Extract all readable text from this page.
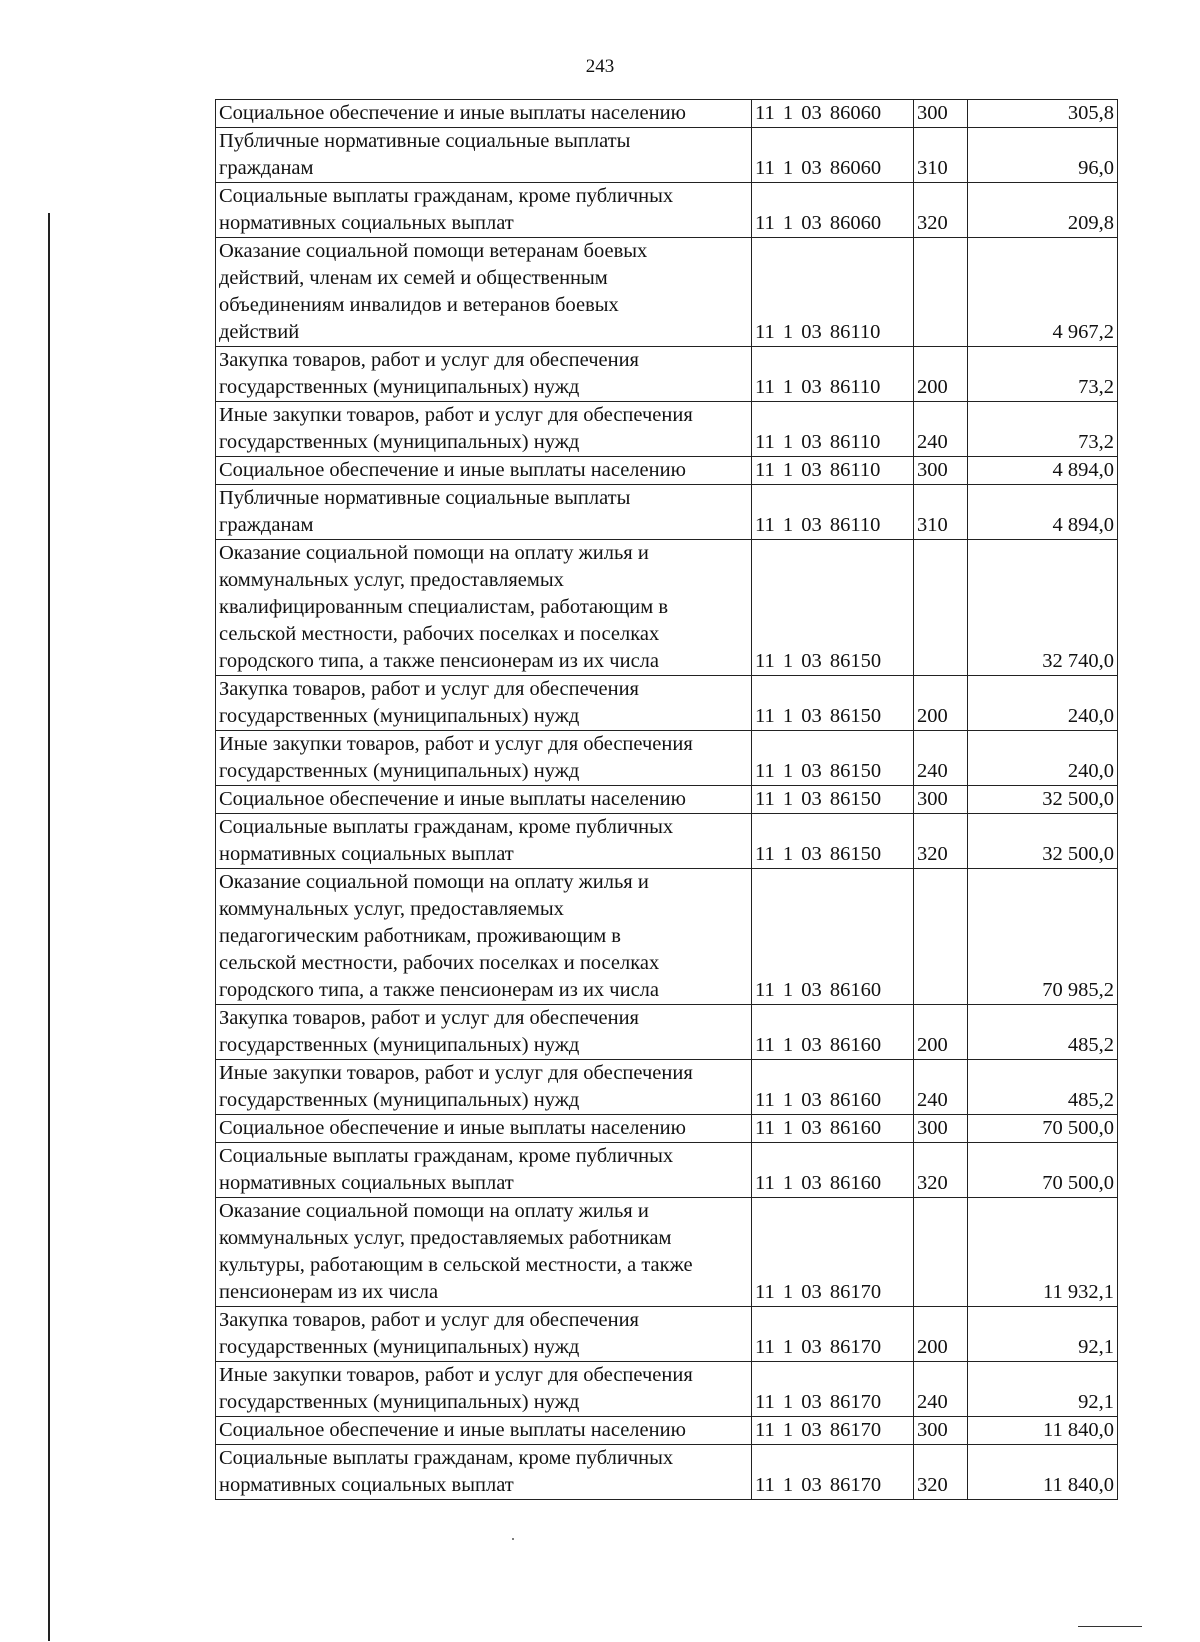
243
Социальное обеспечение и иные выплаты населению	11 1 03 86060	300	305,8
Публичные нормативные социальные выплаты
гражданам	11 1 03 86060	310	96,0
Социальные выплаты гражданам, кроме публичных
нормативных социальных выплат	11 1 03 86060	320	209,8
Оказание социальной помощи ветеранам боевых
действий, членам их семей и общественным
объединениям инвалидов и ветеранов боевых
действий	11 1 03 86110		4 967,2
Закупка товаров, работ и услуг для обеспечения
государственных (муниципальных) нужд	11 1 03 86110	200	73,2
Иные закупки товаров, работ и услуг для обеспечения
государственных (муниципальных) нужд	11 1 03 86110	240	73,2
Социальное обеспечение и иные выплаты населению	11 1 03 86110	300	4 894,0
Публичные нормативные социальные выплаты
гражданам	11 1 03 86110	310	4 894,0
Оказание социальной помощи на оплату жилья и
коммунальных услуг, предоставляемых
квалифицированным специалистам, работающим в
сельской местности, рабочих поселках и поселках
городского типа, а также пенсионерам из их числа	11 1 03 86150		32 740,0
Закупка товаров, работ и услуг для обеспечения
государственных (муниципальных) нужд	11 1 03 86150	200	240,0
Иные закупки товаров, работ и услуг для обеспечения
государственных (муниципальных) нужд	11 1 03 86150	240	240,0
Социальное обеспечение и иные выплаты населению	11 1 03 86150	300	32 500,0
Социальные выплаты гражданам, кроме публичных
нормативных социальных выплат	11 1 03 86150	320	32 500,0
Оказание социальной помощи на оплату жилья и
коммунальных услуг, предоставляемых
педагогическим работникам, проживающим в
сельской местности, рабочих поселках и поселках
городского типа, а также пенсионерам из их числа	11 1 03 86160		70 985,2
Закупка товаров, работ и услуг для обеспечения
государственных (муниципальных) нужд	11 1 03 86160	200	485,2
Иные закупки товаров, работ и услуг для обеспечения
государственных (муниципальных) нужд	11 1 03 86160	240	485,2
Социальное обеспечение и иные выплаты населению	11 1 03 86160	300	70 500,0
Социальные выплаты гражданам, кроме публичных
нормативных социальных выплат	11 1 03 86160	320	70 500,0
Оказание социальной помощи на оплату жилья и
коммунальных услуг, предоставляемых работникам
культуры, работающим в сельской местности, а также
пенсионерам из их числа	11 1 03 86170		11 932,1
Закупка товаров, работ и услуг для обеспечения
государственных (муниципальных) нужд	11 1 03 86170	200	92,1
Иные закупки товаров, работ и услуг для обеспечения
государственных (муниципальных) нужд	11 1 03 86170	240	92,1
Социальное обеспечение и иные выплаты населению	11 1 03 86170	300	11 840,0
Социальные выплаты гражданам, кроме публичных
нормативных социальных выплат	11 1 03 86170	320	11 840,0
